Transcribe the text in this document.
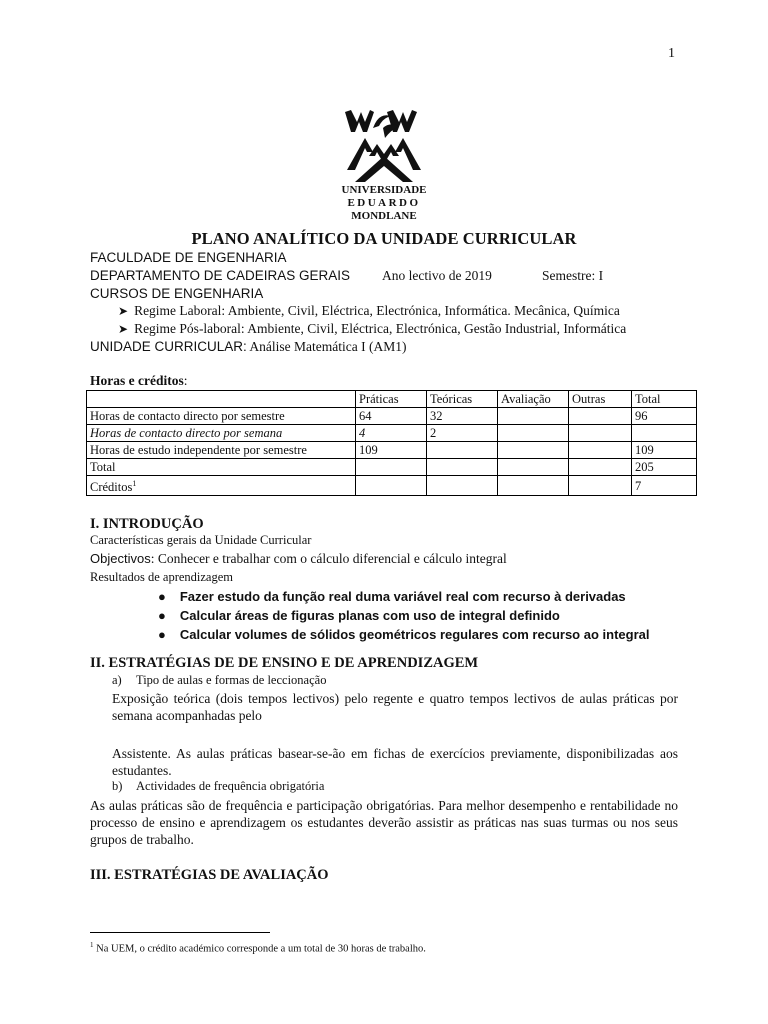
1
UNIVERSIDADE
EDUARDO
MONDLANE
PLANO ANALÍTICO DA UNIDADE CURRICULAR
FACULDADE DE ENGENHARIA
DEPARTAMENTO DE CADEIRAS GERAIS Ano lectivo de 2019	Semestre: I
CURSOS DE ENGENHARIA
➤ Regime Laboral: Ambiente, Civil, Eléctrica, Electrónica, Informática. Mecânica, Química
➤ Regime Pós-laboral: Ambiente, Civil, Eléctrica, Electrónica, Gestão Industrial, Informática
UNIDADE CURRICULAR: Análise Matemática I (AM1)
Horas e créditos:
	Práticas	Teóricas	Avaliação	Outras	Total
Horas de contacto directo por semestre	64	32			96
Horas de contacto directo por semana	4	2			
Horas de estudo independente por semestre	109				109
Total					205
Créditos$^1$					7
I. INTRODUÇÃO
Características gerais da Unidade Curricular
Objectivos: Conhecer e trabalhar com o cálculo diferencial e cálculo integral
Resultados de aprendizagem
● Fazer estudo da função real duma variável real com recurso à derivadas
● Calcular áreas de figuras planas com uso de integral definido
● Calcular volumes de sólidos geométricos regulares com recurso ao integral
II. ESTRATÉGIAS DE DE ENSINO E DE APRENDIZAGEM
a) Tipo de aulas e formas de leccionação
Exposição teórica (dois tempos lectivos) pelo regente e quatro tempos lectivos de aulas práticas por semana acompanhadas pelo
Assistente. As aulas práticas basear-se-ão em fichas de exercícios previamente, disponibilizadas aos estudantes.
b) Actividades de frequência obrigatória
As aulas práticas são de frequência e participação obrigatórias. Para melhor desempenho e rentabilidade no processo de ensino e aprendizagem os estudantes deverão assistir as práticas nas suas turmas ou nos seus grupos de trabalho.
III. ESTRATÉGIAS DE AVALIAÇÃO
$^1$ Na UEM, o crédito académico corresponde a um total de 30 horas de trabalho.
